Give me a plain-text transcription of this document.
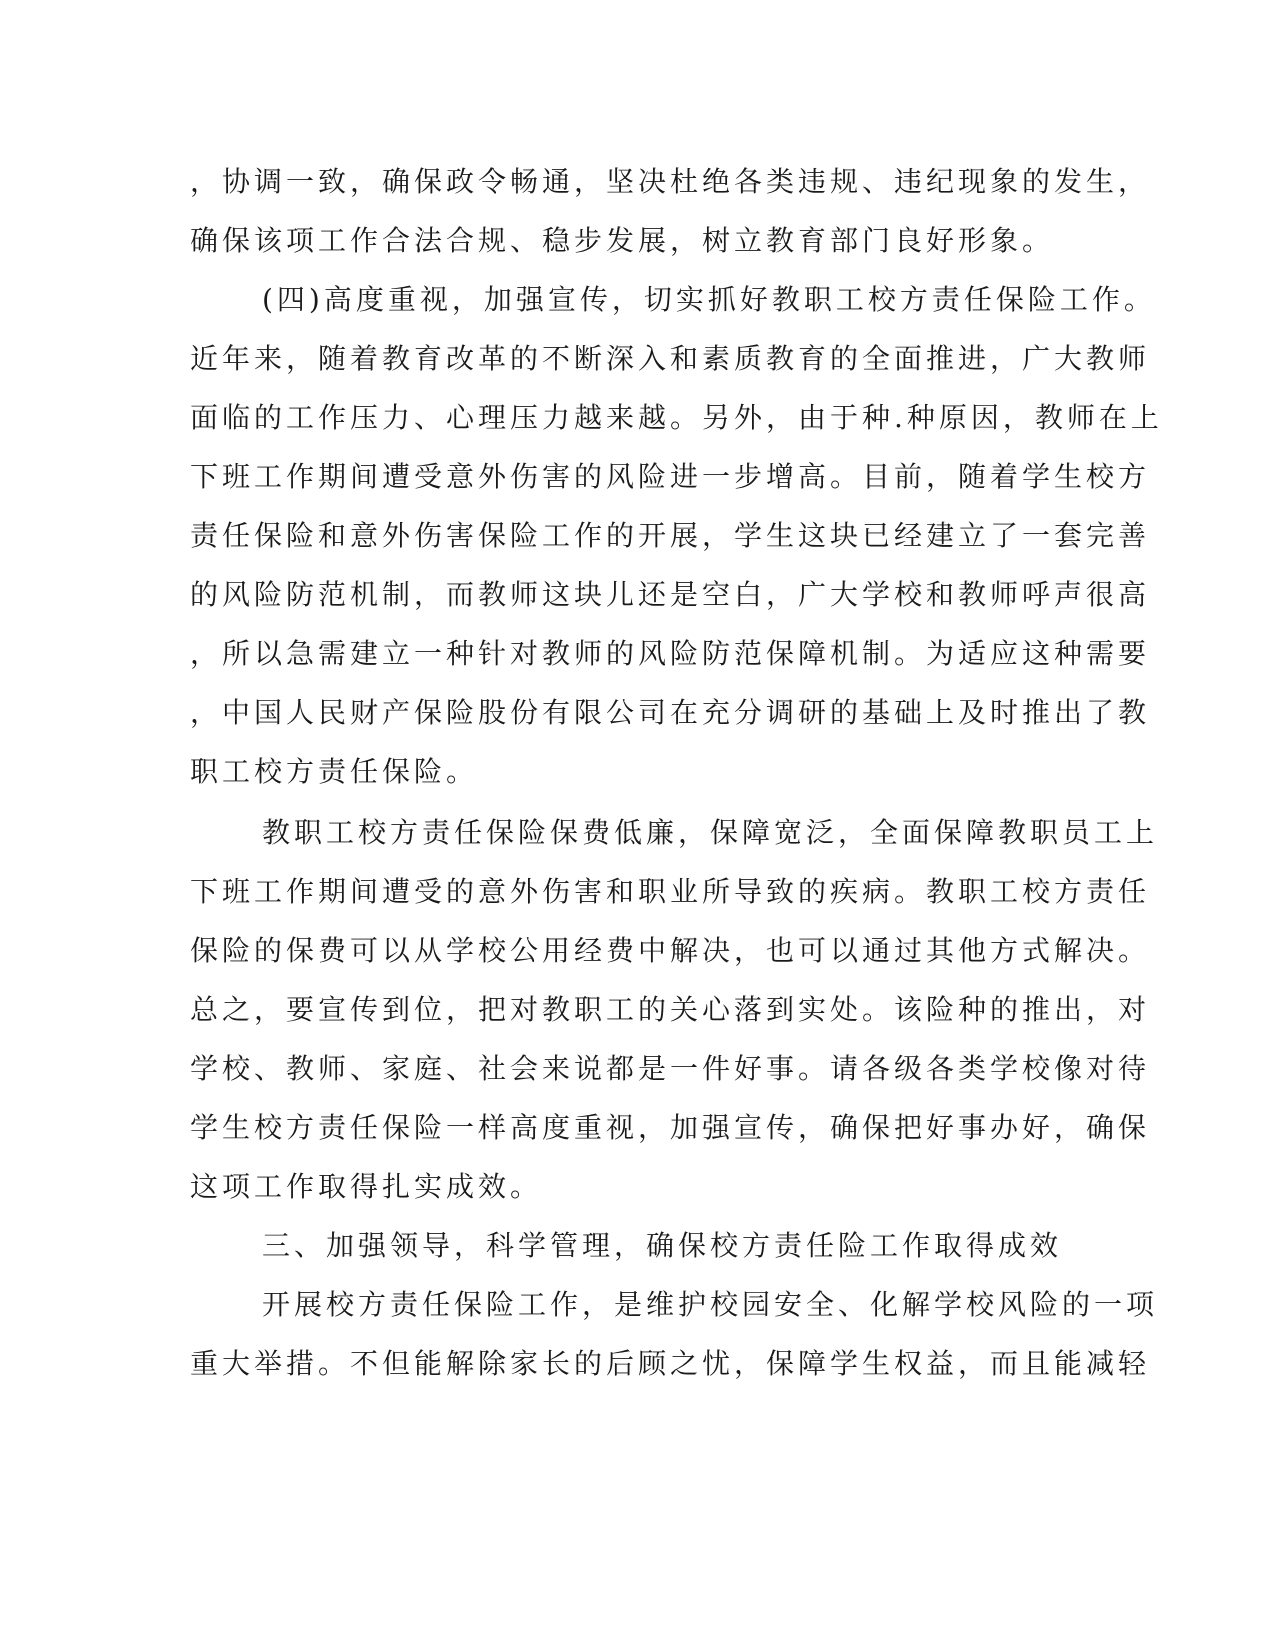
，协调一致，确保政令畅通，坚决杜绝各类违规、违纪现象的发生，
确保该项工作合法合规、稳步发展，树立教育部门良好形象。
(四)高度重视，加强宣传，切实抓好教职工校方责任保险工作。
近年来，随着教育改革的不断深入和素质教育的全面推进，广大教师
面临的工作压力、心理压力越来越。另外，由于种.种原因，教师在上
下班工作期间遭受意外伤害的风险进一步增高。目前，随着学生校方
责任保险和意外伤害保险工作的开展，学生这块已经建立了一套完善
的风险防范机制，而教师这块儿还是空白，广大学校和教师呼声很高
，所以急需建立一种针对教师的风险防范保障机制。为适应这种需要
，中国人民财产保险股份有限公司在充分调研的基础上及时推出了教
职工校方责任保险。
教职工校方责任保险保费低廉，保障宽泛，全面保障教职员工上
下班工作期间遭受的意外伤害和职业所导致的疾病。教职工校方责任
保险的保费可以从学校公用经费中解决，也可以通过其他方式解决。
总之，要宣传到位，把对教职工的关心落到实处。该险种的推出，对
学校、教师、家庭、社会来说都是一件好事。请各级各类学校像对待
学生校方责任保险一样高度重视，加强宣传，确保把好事办好，确保
这项工作取得扎实成效。
三、加强领导，科学管理，确保校方责任险工作取得成效
开展校方责任保险工作，是维护校园安全、化解学校风险的一项
重大举措。不但能解除家长的后顾之忧，保障学生权益，而且能减轻
